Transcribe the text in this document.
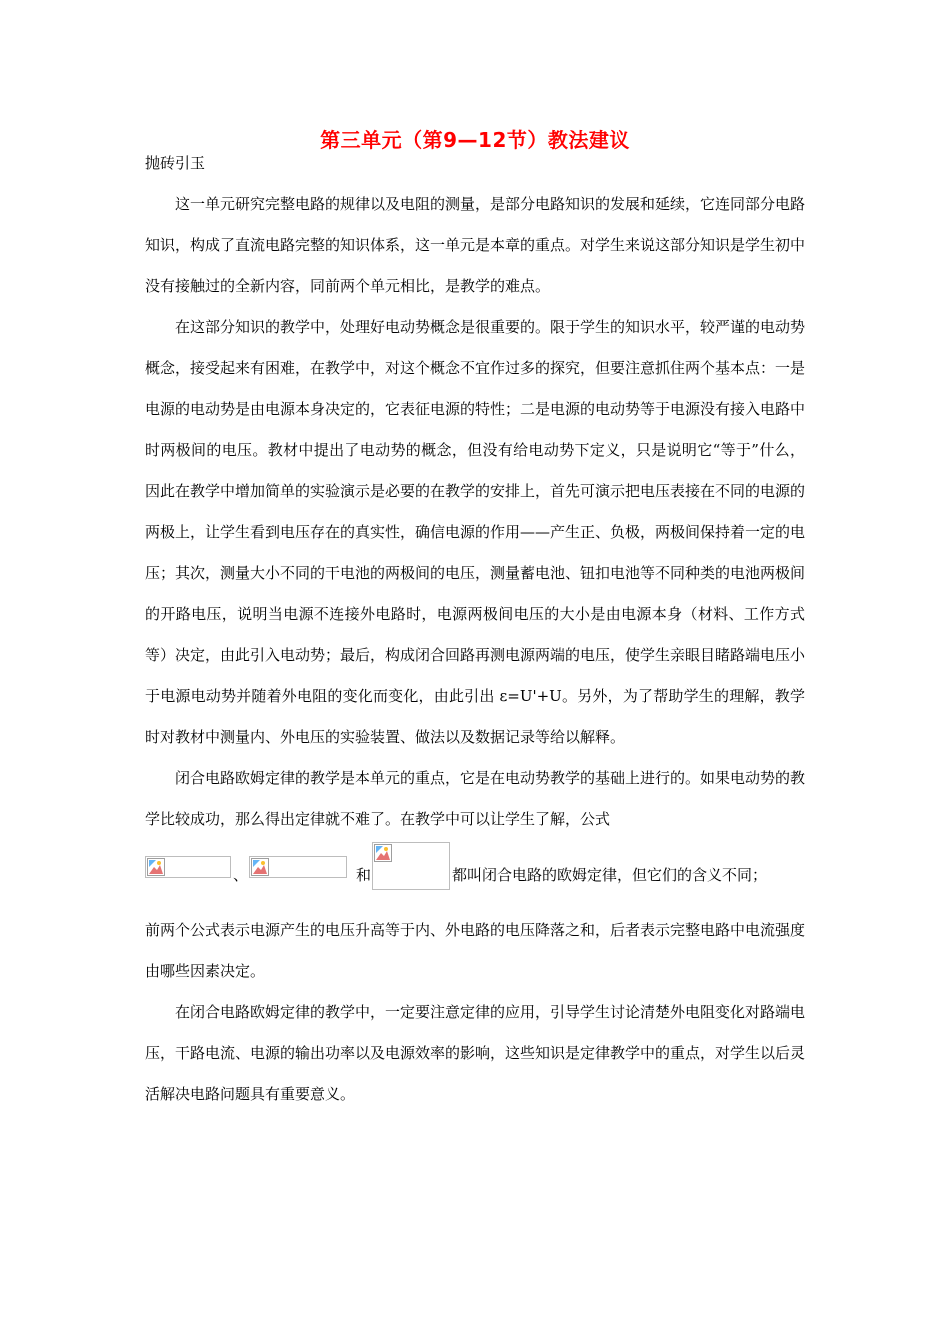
第三单元（第9—12节）教法建议
抛砖引玉

这一单元研究完整电路的规律以及电阻的测量，是部分电路知识的发展和延续，它连同部分电路知识，构成了直流电路完整的知识体系，这一单元是本章的重点。对学生来说这部分知识是学生初中没有接触过的全新内容，同前两个单元相比，是教学的难点。

在这部分知识的教学中，处理好电动势概念是很重要的。限于学生的知识水平，较严谨的电动势概念，接受起来有困难，在教学中，对这个概念不宜作过多的探究，但要注意抓住两个基本点：一是电源的电动势是由电源本身决定的，它表征电源的特性；二是电源的电动势等于电源没有接入电路中时两极间的电压。教材中提出了电动势的概念，但没有给电动势下定义，只是说明它“等于”什么，因此在教学中增加简单的实验演示是必要的在教学的安排上，首先可演示把电压表接在不同的电源的两极上，让学生看到电压存在的真实性，确信电源的作用——产生正、负极，两极间保持着一定的电压；其次，测量大小不同的干电池的两极间的电压，测量蓄电池、钮扣电池等不同种类的电池两极间的开路电压，说明当电源不连接外电路时，电源两极间电压的大小是由电源本身（材料、工作方式等）决定，由此引入电动势；最后，构成闭合回路再测电源两端的电压，使学生亲眼目睹路端电压小于电源电动势并随着外电阻的变化而变化，由此引出 ε=U'+U。另外，为了帮助学生的理解，教学时对教材中测量内、外电压的实验装置、做法以及数据记录等给以解释。

闭合电路欧姆定律的教学是本单元的重点，它是在电动势教学的基础上进行的。如果电动势的教学比较成功，那么得出定律就不难了。在教学中可以让学生了解，公式

、	和	都叫闭合电路的欧姆定律，但它们的含义不同；

前两个公式表示电源产生的电压升高等于内、外电路的电压降落之和，后者表示完整电路中电流强度由哪些因素决定。

在闭合电路欧姆定律的教学中，一定要注意定律的应用，引导学生讨论清楚外电阻变化对路端电压，干路电流、电源的输出功率以及电源效率的影响，这些知识是定律教学中的重点，对学生以后灵活解决电路问题具有重要意义。
